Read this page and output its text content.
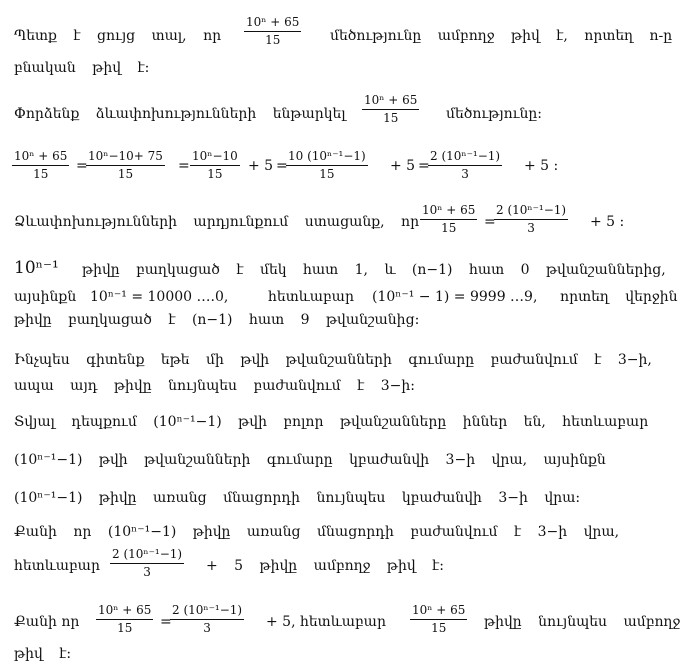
Պետք է ցույց տալ, որ $\frac{\text{10ⁿ + 65}}{15}$ մեծությունը ամբողջ թիվ է, որտեղ n-ը
բնական թիվ է:
Փորձենք ձևափոխությունների ենթարկել $\frac{\text{10ⁿ + 65}}{15}$ մեծությունը:
$\frac{\text{10ⁿ + 65}}{15}$ =
$\frac{\text{10ⁿ−10+ 75}}{15} = \frac{\text{10ⁿ−10}}{15} + 5$ =
$\frac{\text{10 (10ⁿ⁻¹−1)}}{15} + 5$ =
$\frac{\text{2 (10ⁿ⁻¹−1)}}{3} + 5$ :
Ձևափոխությունների արդյունքում ստացանք, որ $\frac{\text{10ⁿ + 65}}{15}$ =
$\frac{\text{2 (10ⁿ⁻¹−1)}}{3} + 5$ :
10ⁿ⁻¹ թիվը բաղկացած է մեկ հատ 1, և (n−1) հատ 0 թվանշաններից,
այսինքն 10ⁿ⁻¹ = 10000 ….0,	հետևաբար (10ⁿ⁻¹ − 1) = 9999 …9, որտեղ վերջին
թիվը բաղկացած է (n−1) հատ 9 թվանշանից:
Ինչպես գիտենք եթե մի թվի թվանշանների գումարը բաժանվում է 3−ի,
ապա այդ թիվը նույնպես բաժանվում է 3−ի:
Տվյալ դեպքում (10ⁿ⁻¹−1) թվի բոլոր թվանշանները իններ են, հետևաբար
(10ⁿ⁻¹−1) թվի թվանշանների գումարը կբաժանվի 3−ի վրա, այսինքն
(10ⁿ⁻¹−1) թիվը առանց մնացորդի նույնպես կբաժանվի 3−ի վրա:
Քանի որ (10ⁿ⁻¹−1) թիվը առանց մնացորդի բաժանվում է 3−ի վրա,
հետևաբար $\frac{\text{2 (10ⁿ⁻¹−1)}}{3} + 5$ թիվը ամբողջ թիվ է:
Քանի որ $\frac{\text{10ⁿ + 65}}{15}$ =
$\frac{\text{2 (10ⁿ⁻¹−1)}}{3} + 5$, հետևաբար $\frac{\text{10ⁿ + 65}}{15}$ թիվը նույնպես ամբողջ
թիվ է:
